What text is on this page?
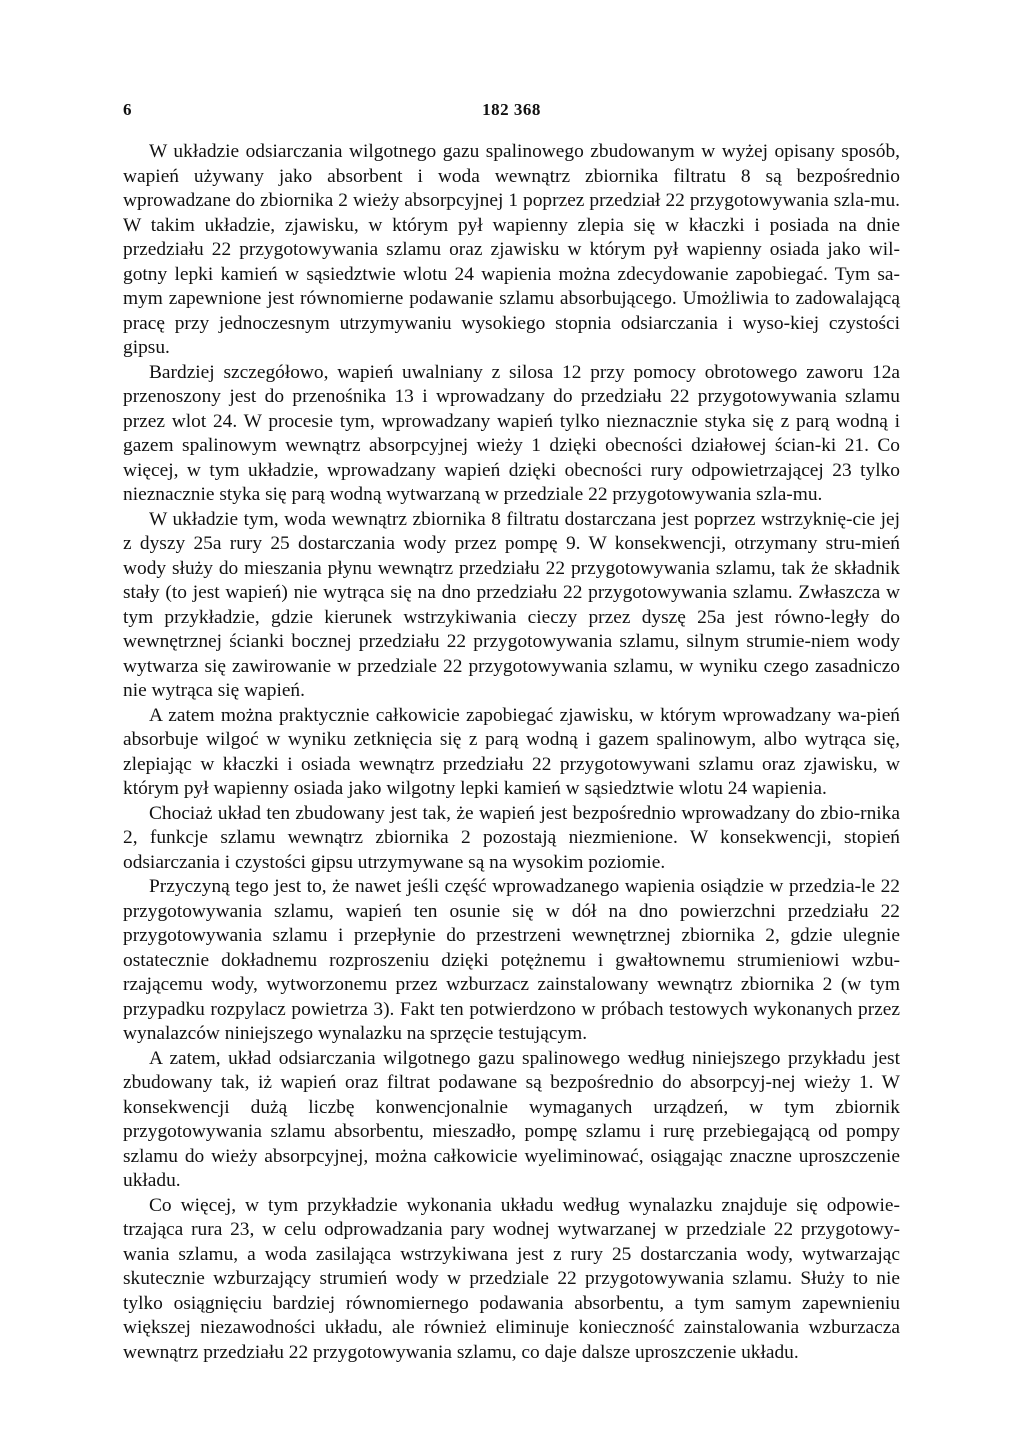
6	182 368

W układzie odsiarczania wilgotnego gazu spalinowego zbudowanym w wyżej opisany sposób, wapień używany jako absorbent i woda wewnątrz zbiornika filtratu 8 są bezpośrednio wprowadzane do zbiornika 2 wieży absorpcyjnej 1 poprzez przedział 22 przygotowywania szla-mu. W takim układzie, zjawisku, w którym pył wapienny zlepia się w kłaczki i posiada na dnie przedziału 22 przygotowywania szlamu oraz zjawisku w którym pył wapienny osiada jako wil-gotny lepki kamień w sąsiedztwie wlotu 24 wapienia można zdecydowanie zapobiegać. Tym sa-mym zapewnione jest równomierne podawanie szlamu absorbującego. Umożliwia to zadowalającą pracę przy jednoczesnym utrzymywaniu wysokiego stopnia odsiarczania i wyso-kiej czystości gipsu.

Bardziej szczegółowo, wapień uwalniany z silosa 12 przy pomocy obrotowego zaworu 12a przenoszony jest do przenośnika 13 i wprowadzany do przedziału 22 przygotowywania szlamu przez wlot 24. W procesie tym, wprowadzany wapień tylko nieznacznie styka się z parą wodną i gazem spalinowym wewnątrz absorpcyjnej wieży 1 dzięki obecności działowej ścian-ki 21. Co więcej, w tym układzie, wprowadzany wapień dzięki obecności rury odpowietrzającej 23 tylko nieznacznie styka się parą wodną wytwarzaną w przedziale 22 przygotowywania szla-mu.

W układzie tym, woda wewnątrz zbiornika 8 filtratu dostarczana jest poprzez wstrzyknię-cie jej z dyszy 25a rury 25 dostarczania wody przez pompę 9. W konsekwencji, otrzymany stru-mień wody służy do mieszania płynu wewnątrz przedziału 22 przygotowywania szlamu, tak że składnik stały (to jest wapień) nie wytrąca się na dno przedziału 22 przygotowywania szlamu. Zwłaszcza w tym przykładzie, gdzie kierunek wstrzykiwania cieczy przez dyszę 25a jest równo-legły do wewnętrznej ścianki bocznej przedziału 22 przygotowywania szlamu, silnym strumie-niem wody wytwarza się zawirowanie w przedziale 22 przygotowywania szlamu, w wyniku czego zasadniczo nie wytrąca się wapień.

A zatem można praktycznie całkowicie zapobiegać zjawisku, w którym wprowadzany wa-pień absorbuje wilgoć w wyniku zetknięcia się z parą wodną i gazem spalinowym, albo wytrąca się, zlepiając w kłaczki i osiada wewnątrz przedziału 22 przygotowywani szlamu oraz zjawisku, w którym pył wapienny osiada jako wilgotny lepki kamień w sąsiedztwie wlotu 24 wapienia.

Chociaż układ ten zbudowany jest tak, że wapień jest bezpośrednio wprowadzany do zbio-rnika 2, funkcje szlamu wewnątrz zbiornika 2 pozostają niezmienione. W konsekwencji, stopień odsiarczania i czystości gipsu utrzymywane są na wysokim poziomie.

Przyczyną tego jest to, że nawet jeśli część wprowadzanego wapienia osiądzie w przedzia-le 22 przygotowywania szlamu, wapień ten osunie się w dół na dno powierzchni przedziału 22 przygotowywania szlamu i przepłynie do przestrzeni wewnętrznej zbiornika 2, gdzie ulegnie ostatecznie dokładnemu rozproszeniu dzięki potężnemu i gwałtownemu strumieniowi wzbu-rzającemu wody, wytworzonemu przez wzburzacz zainstalowany wewnątrz zbiornika 2 (w tym przypadku rozpylacz powietrza 3). Fakt ten potwierdzono w próbach testowych wykonanych przez wynalazców niniejszego wynalazku na sprzęcie testującym.

A zatem, układ odsiarczania wilgotnego gazu spalinowego według niniejszego przykładu jest zbudowany tak, iż wapień oraz filtrat podawane są bezpośrednio do absorpcyj-nej wieży 1. W konsekwencji dużą liczbę konwencjonalnie wymaganych urządzeń, w tym zbiornik przygotowywania szlamu absorbentu, mieszadło, pompę szlamu i rurę przebiegającą od pompy szlamu do wieży absorpcyjnej, można całkowicie wyeliminować, osiągając znaczne uproszczenie układu.

Co więcej, w tym przykładzie wykonania układu według wynalazku znajduje się odpowie-trzająca rura 23, w celu odprowadzania pary wodnej wytwarzanej w przedziale 22 przygotowy-wania szlamu, a woda zasilająca wstrzykiwana jest z rury 25 dostarczania wody, wytwarzając skutecznie wzburzający strumień wody w przedziale 22 przygotowywania szlamu. Służy to nie tylko osiągnięciu bardziej równomiernego podawania absorbentu, a tym samym zapewnieniu większej niezawodności układu, ale również eliminuje konieczność zainstalowania wzburzacza wewnątrz przedziału 22 przygotowywania szlamu, co daje dalsze uproszczenie układu.
